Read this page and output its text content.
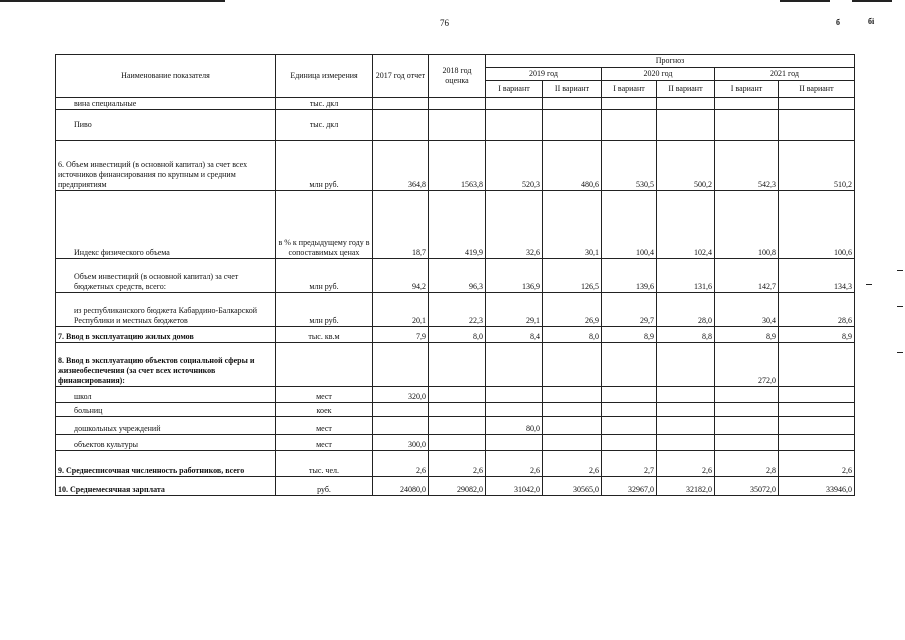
76	б	бі
Наименование показателя	Единица измерения	2017 год отчет	2018 год оценка	Прогноз					
				2019 год		2020 год		2021 год	
				I вариант	II вариант	I вариант	II вариант	I вариант	II вариант
вина специальные	тыс. дкл								
Пиво	тыс. дкл								
6. Объем инвестиций (в основной капитал) за счет всех источников финансирования по крупным и средним предприятиям	млн руб.	364,8	1563,8	520,3	480,6	530,5	500,2	542,3	510,2
Индекс физического объема	в % к предыдущему году в сопоставимых ценах	18,7	419,9	32,6	30,1	100,4	102,4	100,8	100,6
Объем инвестиций (в основной капитал) за счет бюджетных средств, всего:	млн руб.	94,2	96,3	136,9	126,5	139,6	131,6	142,7	134,3
из республиканского бюджета Кабардино-Балкарской Республики и местных бюджетов	млн руб.	20,1	22,3	29,1	26,9	29,7	28,0	30,4	28,6
7. Ввод в эксплуатацию жилых домов	тыс. кв.м	7,9	8,0	8,4	8,0	8,9	8,8	8,9	8,9
8. Ввод в эксплуатацию объектов социальной сферы и жизнеобеспечения (за счет всех источников финансирования):								272,0	
школ	мест	320,0							
больниц	коек								
дошкольных учреждений	мест			80,0					
объектов культуры	мест	300,0							
9. Среднесписочная численность работников, всего	тыс. чел.	2,6	2,6	2,6	2,6	2,7	2,6	2,8	2,6
10. Среднемесячная зарплата	руб.	24080,0	29082,0	31042,0	30565,0	32967,0	32182,0	35072,0	33946,0
